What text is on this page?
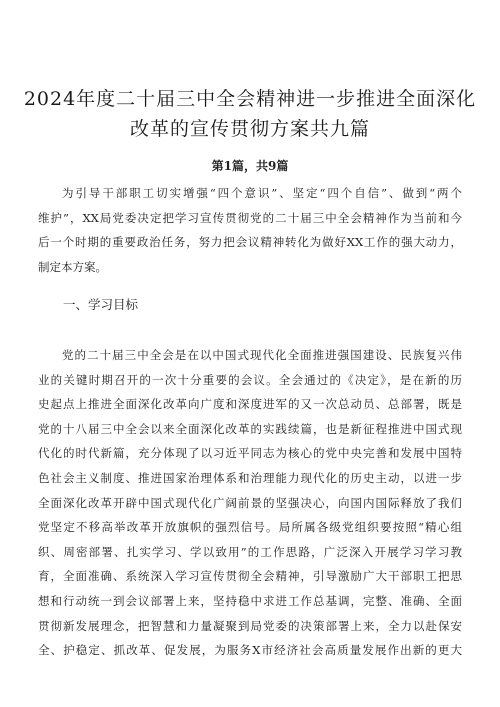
2024年度二十届三中全会精神进一步推进全面深化
改革的宣传贯彻方案共九篇
第1篇，共9篇
为引导干部职工切实增强“四个意识”、坚定“四个自信”、做到“两个
维护”，XX局党委决定把学习宣传贯彻党的二十届三中全会精神作为当前和今
后一个时期的重要政治任务，努力把会议精神转化为做好XX工作的强大动力，
制定本方案。
一、学习目标
党的二十届三中全会是在以中国式现代化全面推进强国建设、民族复兴伟
业的关键时期召开的一次十分重要的会议。全会通过的《决定》，是在新的历
史起点上推进全面深化改革向广度和深度进军的又一次总动员、总部署，既是
党的十八届三中全会以来全面深化改革的实践续篇，也是新征程推进中国式现
代化的时代新篇，充分体现了以习近平同志为核心的党中央完善和发展中国特
色社会主义制度、推进国家治理体系和治理能力现代化的历史主动，以进一步
全面深化改革开辟中国式现代化广阔前景的坚强决心，向国内国际释放了我们
党坚定不移高举改革开放旗帜的强烈信号。局所属各级党组织要按照“精心组
织、周密部署、扎实学习、学以致用”的工作思路，广泛深入开展学习学习教
育，全面准确、系统深入学习宣传贯彻全会精神，引导激励广大干部职工把思
想和行动统一到会议部署上来，坚持稳中求进工作总基调，完整、准确、全面
贯彻新发展理念，把智慧和力量凝聚到局党委的决策部署上来，全力以赴保安
全、护稳定、抓改革、促发展，为服务X市经济社会高质量发展作出新的更大
